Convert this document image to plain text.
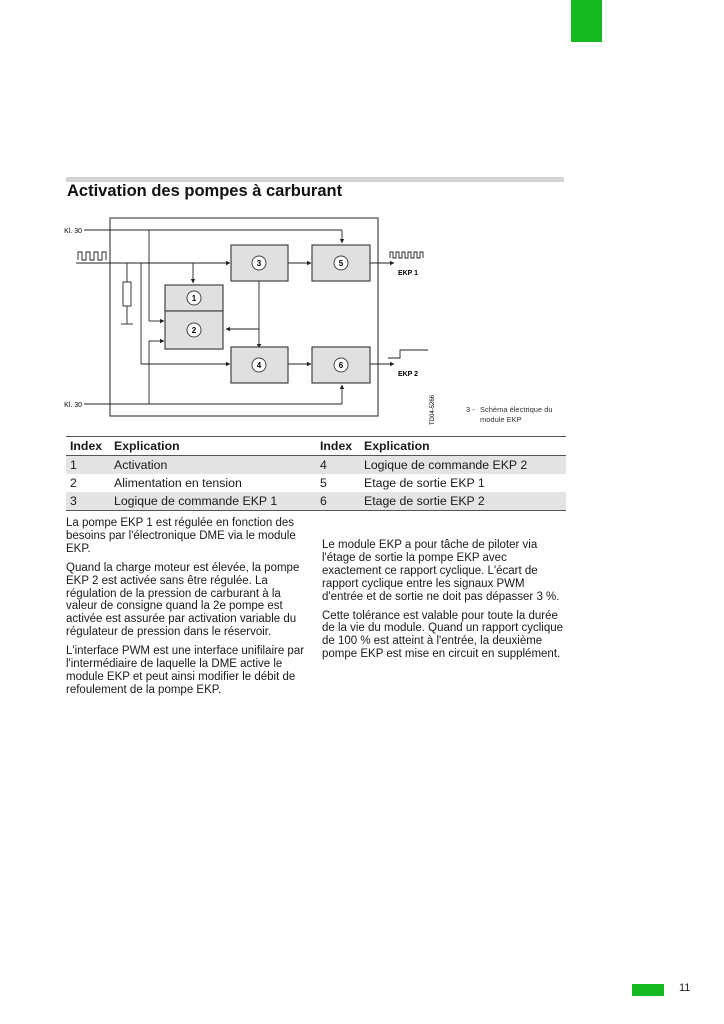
Activation des pompes à carburant
3	5
1
2
4	6
Kl. 30
Kl. 30
EKP 1
EKP 2
TD04-5266	3 - Schéma électrique du module EKP
Index	Explication	Index	Explication
1	Activation	4	Logique de commande EKP 2
2	Alimentation en tension	5	Etage de sortie EKP 1
3	Logique de commande EKP 1	6	Etage de sortie EKP 2

La pompe EKP 1 est régulée en fonction des besoins par l'électronique DME via le module EKP.

Quand la charge moteur est élevée, la pompe EKP 2 est activée sans être régulée. La régulation de la pression de carburant à la valeur de consigne quand la 2e pompe est activée est assurée par activation variable du régulateur de pression dans le réservoir.

L'interface PWM est une interface unifilaire par l'intermédiaire de laquelle la DME active le module EKP et peut ainsi modifier le débit de refoulement de la pompe EKP.

Le module EKP a pour tâche de piloter via l'étage de sortie la pompe EKP avec exactement ce rapport cyclique. L'écart de rapport cyclique entre les signaux PWM d'entrée et de sortie ne doit pas dépasser 3 %.

Cette tolérance est valable pour toute la durée de la vie du module. Quand un rapport cyclique de 100 % est atteint à l'entrée, la deuxième pompe EKP est mise en circuit en supplément.

11
